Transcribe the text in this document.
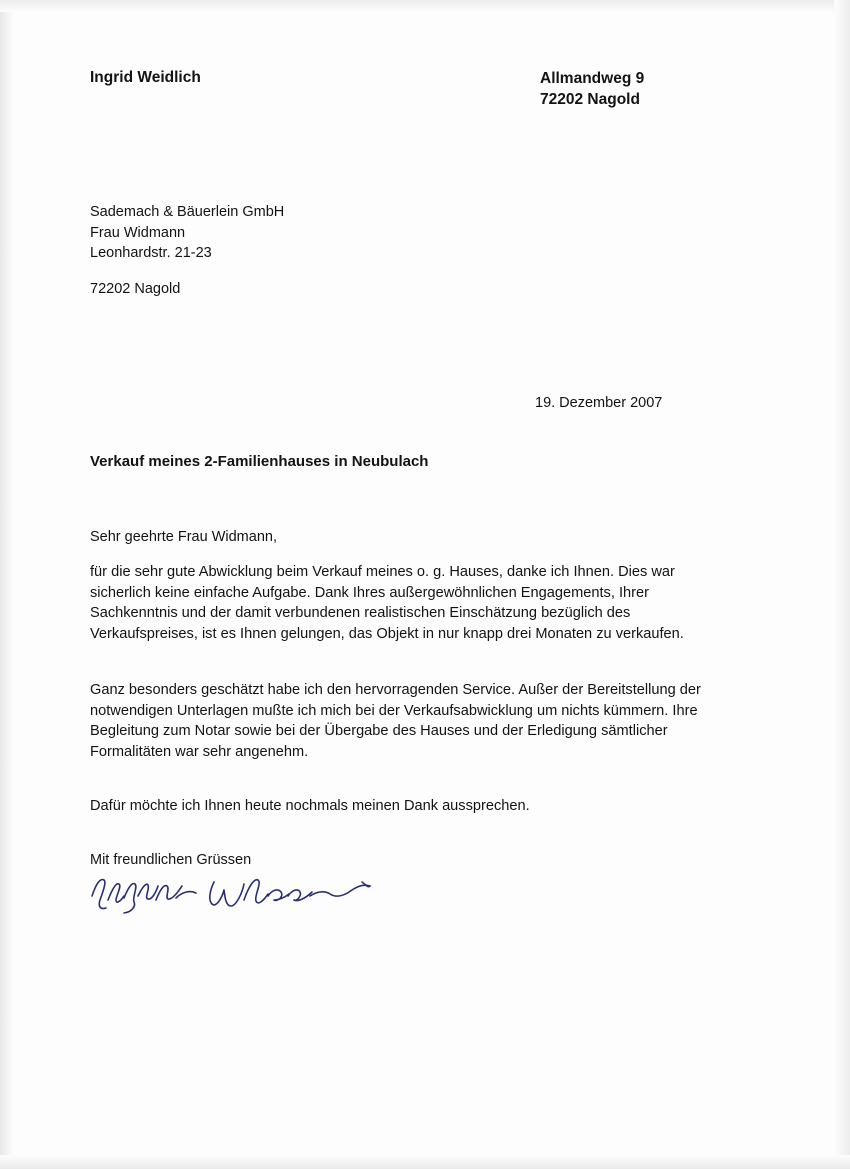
Ingrid Weidlich	Allmandweg 9
72202 Nagold
Sademach & Bäuerlein GmbH
Frau Widmann
Leonhardstr. 21-23
72202 Nagold
19. Dezember 2007
Verkauf meines 2-Familienhauses in Neubulach
Sehr geehrte Frau Widmann,
für die sehr gute Abwicklung beim Verkauf meines o. g. Hauses, danke ich Ihnen. Dies war sicherlich keine einfache Aufgabe. Dank Ihres außergewöhnlichen Engagements, Ihrer Sachkenntnis und der damit verbundenen realistischen Einschätzung bezüglich des Verkaufspreises, ist es Ihnen gelungen, das Objekt in nur knapp drei Monaten zu verkaufen.
Ganz besonders geschätzt habe ich den hervorragenden Service. Außer der Bereitstellung der notwendigen Unterlagen mußte ich mich bei der Verkaufsabwicklung um nichts kümmern. Ihre Begleitung zum Notar sowie bei der Übergabe des Hauses und der Erledigung sämtlicher Formalitäten war sehr angenehm.
Dafür möchte ich Ihnen heute nochmals meinen Dank aussprechen.
Mit freundlichen Grüssen
